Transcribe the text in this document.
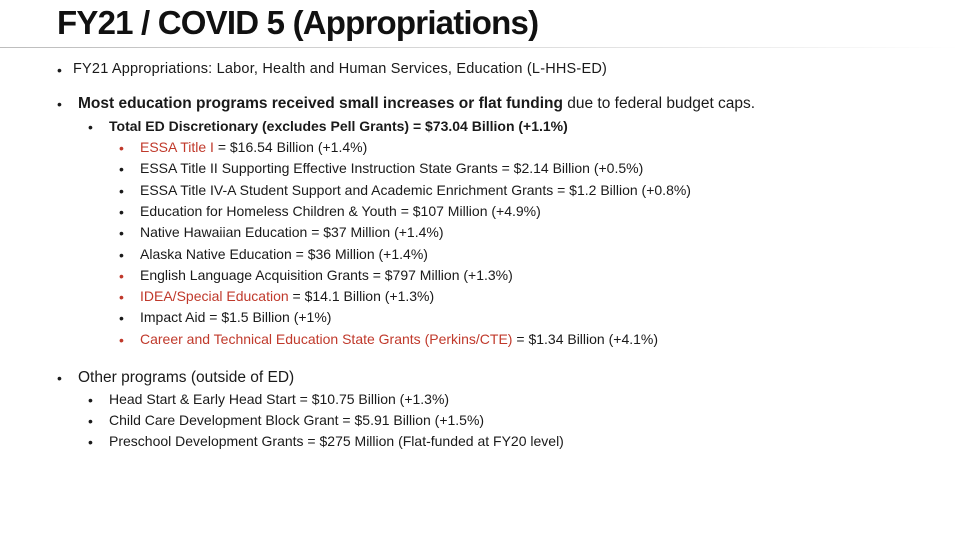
FY21 / COVID 5 (Appropriations)
• FY21 Appropriations: Labor, Health and Human Services, Education (L-HHS-ED)
• Most education programs received small increases or flat funding due to federal budget caps.
• Total ED Discretionary (excludes Pell Grants) = $73.04 Billion (+1.1%)
• ESSA Title I = $16.54 Billion (+1.4%)
• ESSA Title II Supporting Effective Instruction State Grants = $2.14 Billion (+0.5%)
• ESSA Title IV-A Student Support and Academic Enrichment Grants = $1.2 Billion (+0.8%)
• Education for Homeless Children & Youth = $107 Million (+4.9%)
• Native Hawaiian Education = $37 Million (+1.4%)
• Alaska Native Education = $36 Million (+1.4%)
• English Language Acquisition Grants = $797 Million (+1.3%)
• IDEA/Special Education = $14.1 Billion (+1.3%)
• Impact Aid = $1.5 Billion (+1%)
• Career and Technical Education State Grants (Perkins/CTE) = $1.34 Billion (+4.1%)
• Other programs (outside of ED)
• Head Start & Early Head Start = $10.75 Billion (+1.3%)
• Child Care Development Block Grant = $5.91 Billion (+1.5%)
• Preschool Development Grants = $275 Million (Flat-funded at FY20 level)
